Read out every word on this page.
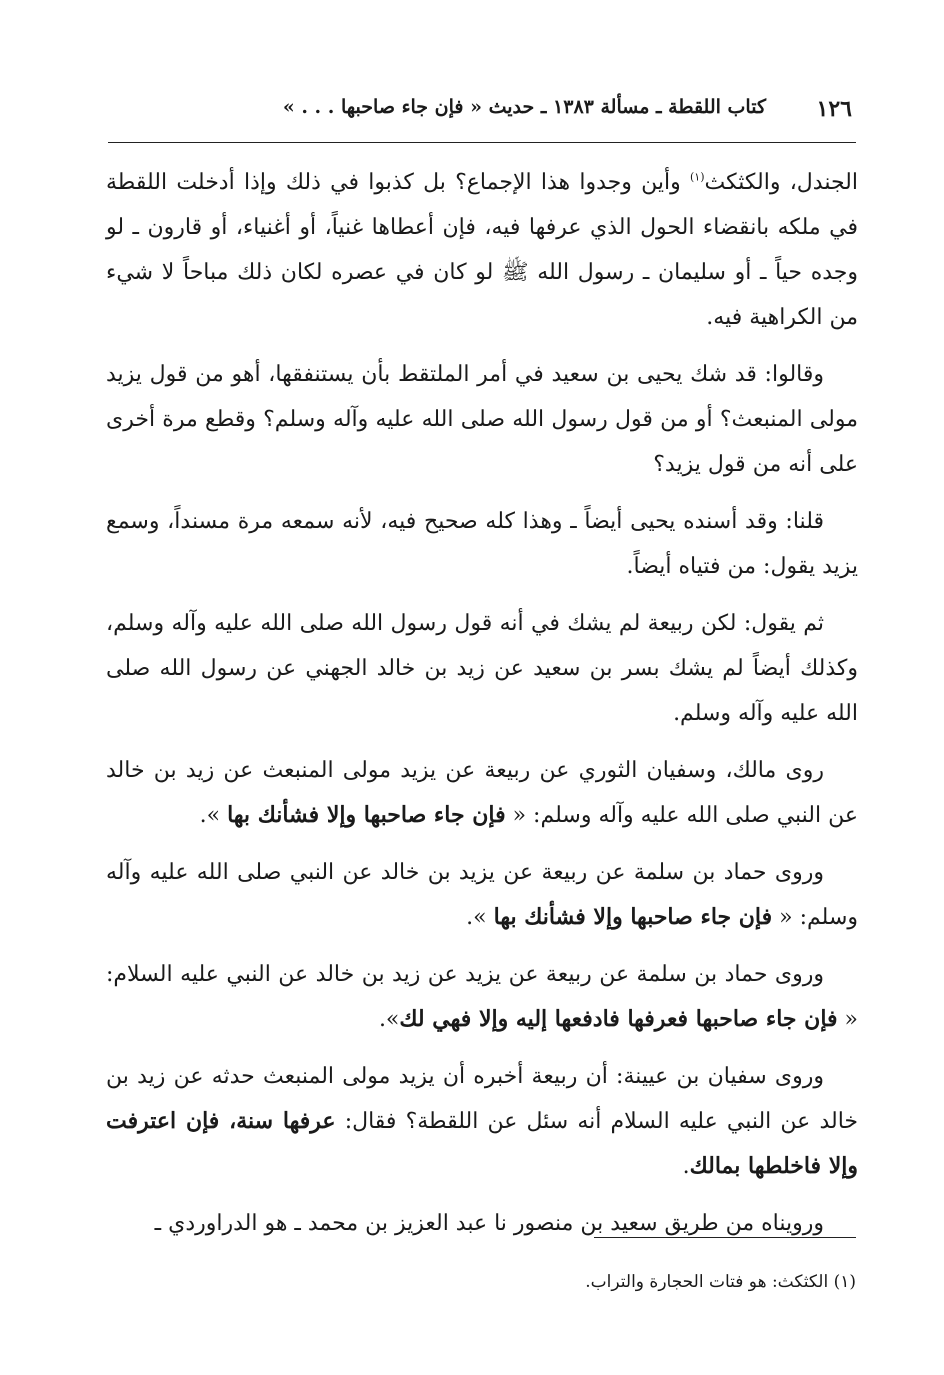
١٢٦
كتاب اللقطة ـ مسألة ١٣٨٣ ـ حديث « فإن جاء صاحبها . . . »

الجندل، والكثكث$^{(١)}$ وأين وجدوا هذا الإجماع؟ بل كذبوا في ذلك وإذا أدخلت اللقطة في ملكه بانقضاء الحول الذي عرفها فيه، فإن أعطاها غنياً، أو أغنياء، أو قارون ـ لو وجده حياً ـ أو سليمان ـ رسول الله ﷺ لو كان في عصره لكان ذلك مباحاً لا شيء من الكراهية فيه.

وقالوا: قد شك يحيى بن سعيد في أمر الملتقط بأن يستنفقها، أهو من قول يزيد مولى المنبعث؟ أو من قول رسول الله صلى الله عليه وآله وسلم؟ وقطع مرة أخرى على أنه من قول يزيد؟

قلنا: وقد أسنده يحيى أيضاً ـ وهذا كله صحيح فيه، لأنه سمعه مرة مسنداً، وسمع يزيد يقول: من فتياه أيضاً.

ثم يقول: لكن ربيعة لم يشك في أنه قول رسول الله صلى الله عليه وآله وسلم، وكذلك أيضاً لم يشك بسر بن سعيد عن زيد بن خالد الجهني عن رسول الله صلى الله عليه وآله وسلم.

روى مالك، وسفيان الثوري عن ربيعة عن يزيد مولى المنبعث عن زيد بن خالد عن النبي صلى الله عليه وآله وسلم: « فإن جاء صاحبها وإلا فشأنك بها ».

وروى حماد بن سلمة عن ربيعة عن يزيد بن خالد عن النبي صلى الله عليه وآله وسلم: « فإن جاء صاحبها وإلا فشأنك بها ».

وروى حماد بن سلمة عن ربيعة عن يزيد عن زيد بن خالد عن النبي عليه السلام: « فإن جاء صاحبها فعرفها فادفعها إليه وإلا فهي لك».

وروى سفيان بن عيينة: أن ربيعة أخبره أن يزيد مولى المنبعث حدثه عن زيد بن خالد عن النبي عليه السلام أنه سئل عن اللقطة؟ فقال: عرفها سنة، فإن اعترفت وإلا فاخلطها بمالك.

ورويناه من طريق سعيد بن منصور نا عبد العزيز بن محمد ـ هو الدراوردي ـ

(١) الكثكث: هو فتات الحجارة والتراب.
